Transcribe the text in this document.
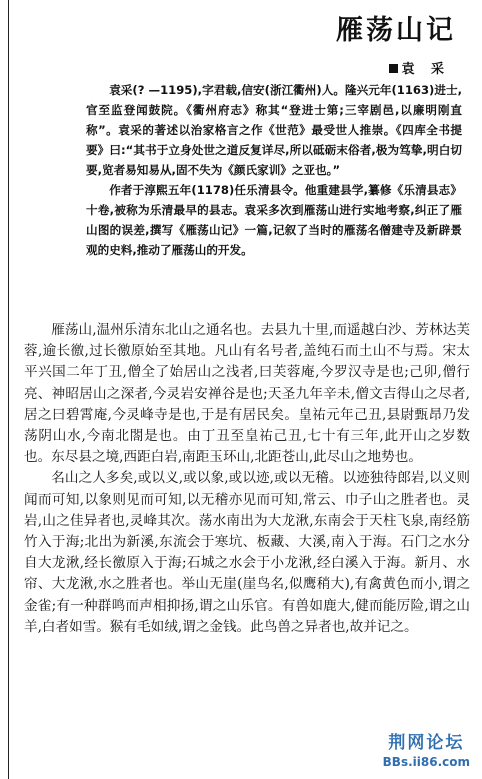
雁荡山记
袁 采

袁采(? —1195),字君载,信安(浙江衢州)人。隆兴元年(1163)进士,官至监登闻鼓院。《衢州府志》称其“登进士第;三宰剧邑,以廉明刚直称”。袁采的著述以治家格言之作《世范》最受世人推崇。《四库全书提要》曰:“其书于立身处世之道反复详尽,所以砥砺末俗者,极为笃挚,明白切要,览者易知易从,固不失为《颜氏家训》之亚也。”

作者于淳熙五年(1178)任乐清县令。他重建县学,纂修《乐清县志》十卷,被称为乐清最早的县志。袁采多次到雁荡山进行实地考察,纠正了雁山图的误差,撰写《雁荡山记》一篇,记叙了当时的雁荡名僧建寺及新辟景观的史料,推动了雁荡山的开发。

雁荡山,温州乐清东北山之通名也。去县九十里,而遥越白沙、芳林达芙蓉,逾长徼,过长徼原始至其地。凡山有名号者,盖纯石而土山不与焉。宋太平兴国二年丁丑,僧全了始居山之浅者,曰芙蓉庵,今罗汉寺是也;己卯,僧行亮、神昭居山之深者,今灵岩安禅谷是也;天圣九年辛未,僧文吉得山之尽者,居之曰碧霄庵,今灵峰寺是也,于是有居民矣。皇祐元年己丑,县尉甄昂乃发荡阴山水,今南北閤是也。由丁丑至皇祐己丑,七十有三年,此开山之岁数也。东尽县之境,西距白岩,南距玉环山,北距苍山,此尽山之地势也。

名山之人多矣,或以义,或以象,或以迹,或以无稽。以迹独待郎岩,以义则闻而可知,以象则见而可知,以无稽亦见而可知,常云、巾子山之胜者也。灵岩,山之佳异者也,灵峰其次。荡水南出为大龙湫,东南会于天柱飞泉,南经筋竹入于海;北出为新溪,东流会于寒坑、板藏、大溪,南入于海。石门之水分自大龙湫,经长徼原入于海;石城之水会于小龙湫,经白溪入于海。新月、水帘、大龙湫,水之胜者也。举山无崖(崖鸟名,似鹰稍大),有禽黄色而小,谓之金雀;有一种群鸣而声相抑扬,谓之山乐官。有兽如鹿大,健而能厉险,谓之山羊,白者如雪。猴有毛如绒,谓之金钱。此鸟兽之异者也,故并记之。

荆网论坛
BBs.ii86.com
